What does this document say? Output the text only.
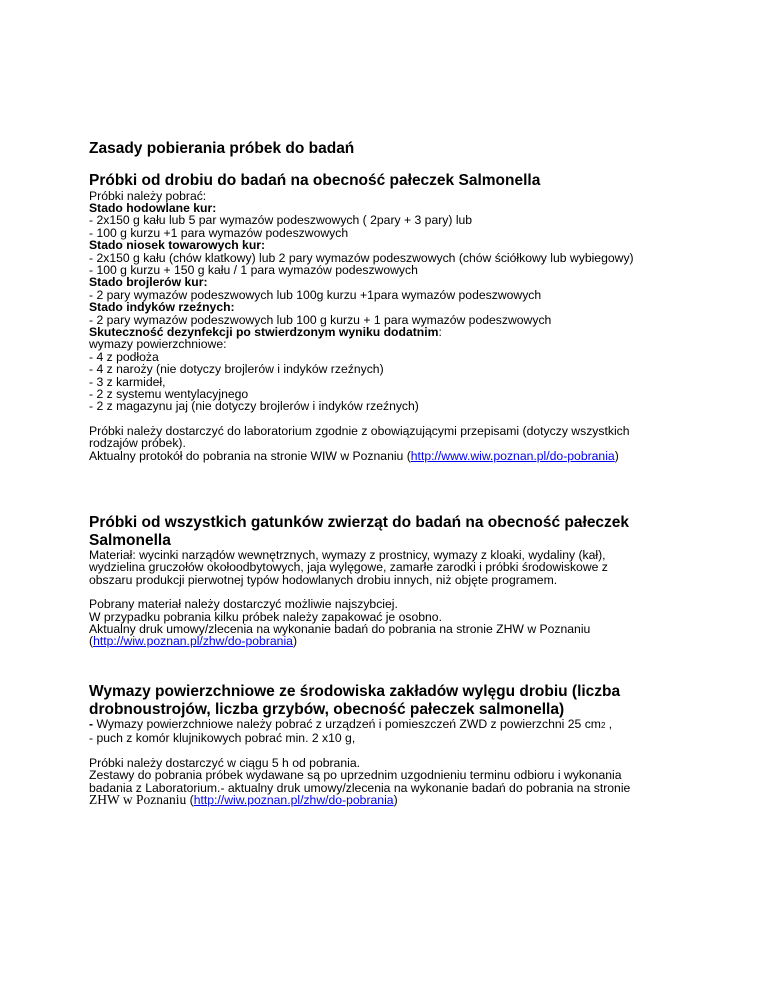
Zasady pobierania próbek do badań

Próbki od drobiu do badań na obecność pałeczek Salmonella

Próbki należy pobrać:

Stado hodowlane kur:

- 2x150 g kału lub 5 par wymazów podeszwowych ( 2pary + 3 pary) lub

- 100 g kurzu +1 para wymazów podeszwowych

Stado niosek towarowych kur:

- 2x150 g kału (chów klatkowy) lub 2 pary wymazów podeszwowych (chów ściółkowy lub wybiegowy)

- 100 g kurzu + 150 g kału / 1 para wymazów podeszwowych

Stado brojlerów kur:

- 2 pary wymazów podeszwowych lub 100g kurzu +1para wymazów podeszwowych

Stado indyków rzeźnych:

- 2 pary wymazów podeszwowych lub 100 g kurzu + 1 para wymazów podeszwowych

Skuteczność dezynfekcji po stwierdzonym wyniku dodatnim:

wymazy powierzchniowe:

- 4 z podłoża

- 4 z naroży (nie dotyczy brojlerów i indyków rzeźnych)

- 3 z karmideł,

- 2 z systemu wentylacyjnego

- 2 z magazynu jaj (nie dotyczy brojlerów i indyków rzeźnych)

Próbki należy dostarczyć do laboratorium zgodnie z obowiązującymi przepisami (dotyczy wszystkich

rodzajów próbek).

Aktualny protokół do pobrania na stronie WIW w Poznaniu (http://www.wiw.poznan.pl/do-pobrania)

Próbki od wszystkich gatunków zwierząt do badań na obecność pałeczek

Salmonella

Materiał: wycinki narządów wewnętrznych, wymazy z prostnicy, wymazy z kloaki, wydaliny (kał),

wydzielina gruczołów okołoodbytowych, jaja wylęgowe, zamarłe zarodki i próbki środowiskowe z

obszaru produkcji pierwotnej typów hodowlanych drobiu innych, niż objęte programem.

Pobrany materiał należy dostarczyć możliwie najszybciej.

W przypadku pobrania kilku próbek należy zapakować je osobno.

Aktualny druk umowy/zlecenia na wykonanie badań do pobrania na stronie ZHW w Poznaniu

(http://wiw.poznan.pl/zhw/do-pobrania)

Wymazy powierzchniowe ze środowiska zakładów wylęgu drobiu (liczba

drobnoustrojów, liczba grzybów, obecność pałeczek salmonella)

- Wymazy powierzchniowe należy pobrać z urządzeń i pomieszczeń ZWD z powierzchni 25 cm2 ,

- puch z komór klujnikowych pobrać min. 2 x10 g,

Próbki należy dostarczyć w ciągu 5 h od pobrania.

Zestawy do pobrania próbek wydawane są po uprzednim uzgodnieniu terminu odbioru i wykonania

badania z Laboratorium.- aktualny druk umowy/zlecenia na wykonanie badań do pobrania na stronie

ZHW w Poznaniu (http://wiw.poznan.pl/zhw/do-pobrania)
